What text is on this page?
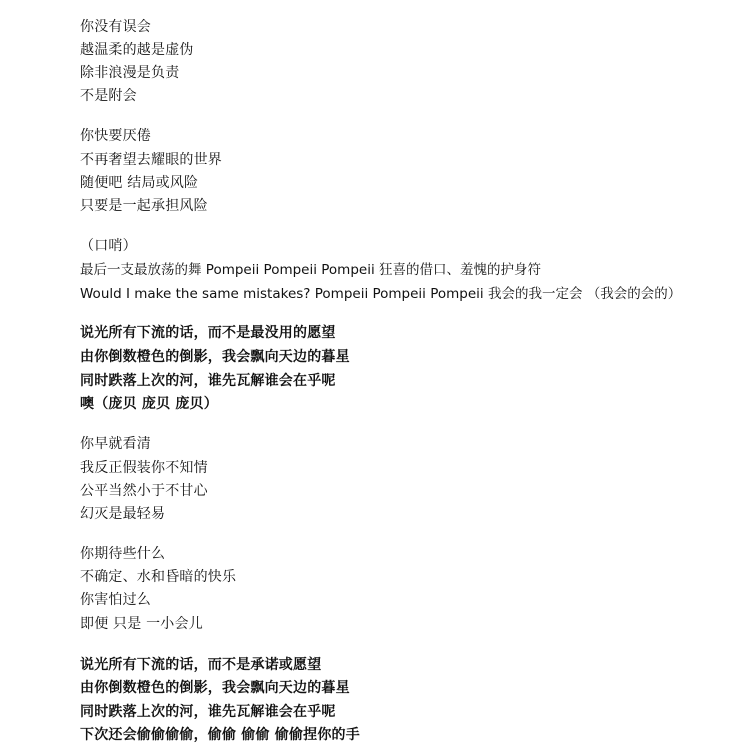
你没有误会
越温柔的越是虚伪
除非浪漫是负责
不是附会
你快要厌倦
不再奢望去耀眼的世界
随便吧 结局或风险
只要是一起承担风险
（口哨）
最后一支最放荡的舞 Pompeii Pompeii Pompeii 狂喜的借口、羞愧的护身符
Would I make the same mistakes? Pompeii Pompeii Pompeii 我会的我一定会 （我会的会的）
说光所有下流的话，而不是最没用的愿望
由你倒数橙色的倒影，我会飘向天边的暮星
同时跌落上次的河，谁先瓦解谁会在乎呢
噢（庞贝 庞贝 庞贝）
你早就看清
我反正假装你不知情
公平当然小于不甘心
幻灭是最轻易
你期待些什么
不确定、水和昏暗的快乐
你害怕过么
即便 只是 一小会儿
说光所有下流的话，而不是承诺或愿望
由你倒数橙色的倒影，我会飘向天边的暮星
同时跌落上次的河，谁先瓦解谁会在乎呢
下次还会偷偷偷偷，偷偷 偷偷 偷偷捏你的手
